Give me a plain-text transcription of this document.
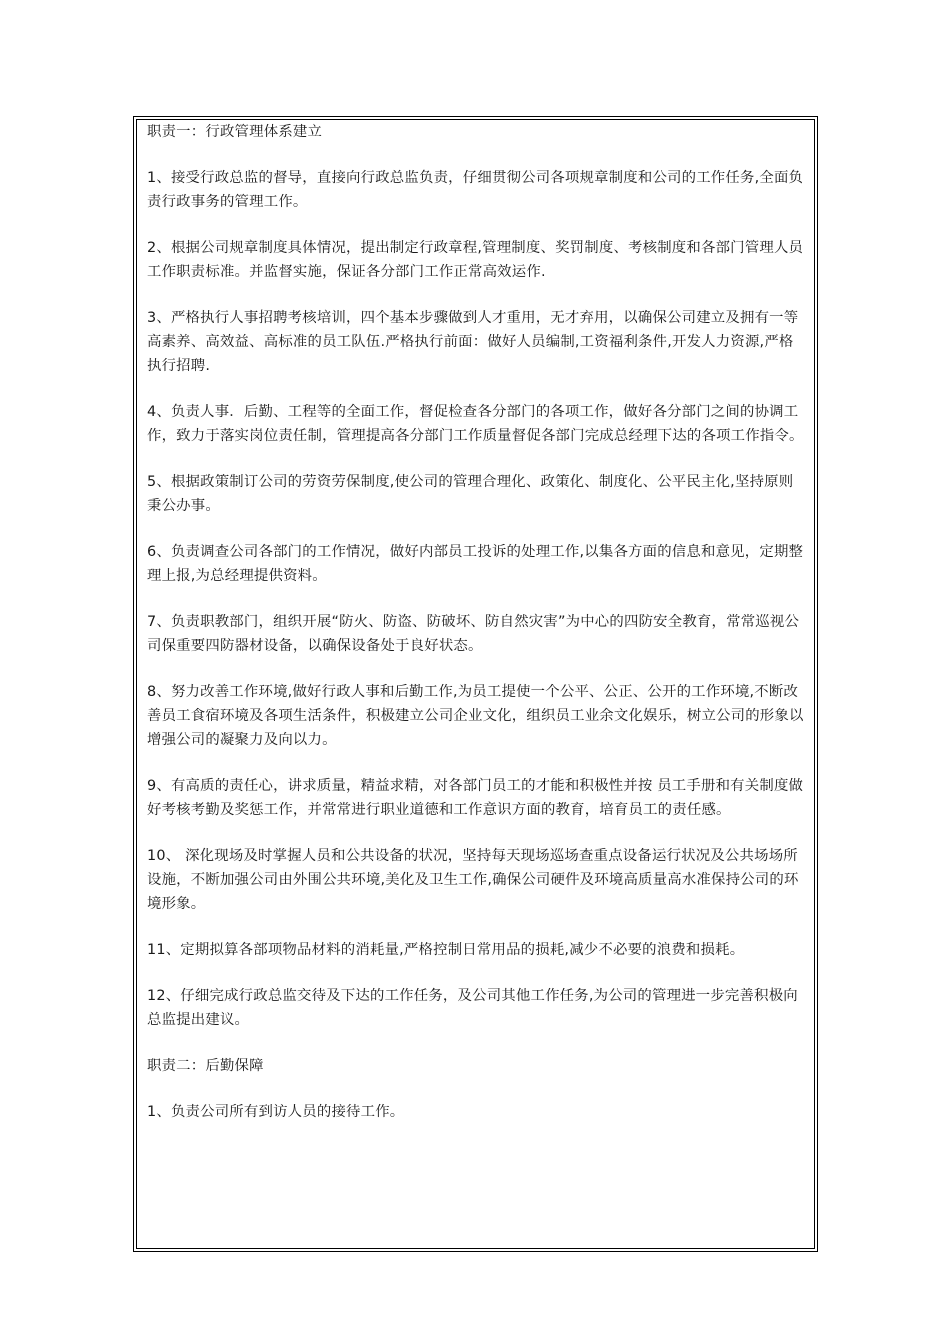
职责一：行政管理体系建立

1、接受行政总监的督导，直接向行政总监负责，仔细贯彻公司各项规章制度和公司的工作任务,全面负责行政事务的管理工作。

2、根据公司规章制度具体情况，提出制定行政章程,管理制度、奖罚制度、考核制度和各部门管理人员工作职责标准。并监督实施，保证各分部门工作正常高效运作.

3、严格执行人事招聘考核培训，四个基本步骤做到人才重用，无才弃用，以确保公司建立及拥有一等高素养、高效益、高标准的员工队伍.严格执行前面：做好人员编制,工资福利条件,开发人力资源,严格执行招聘.

4、负责人事．后勤、工程等的全面工作，督促检查各分部门的各项工作，做好各分部门之间的协调工作，致力于落实岗位责任制，管理提高各分部门工作质量督促各部门完成总经理下达的各项工作指令。

5、根据政策制订公司的劳资劳保制度,使公司的管理合理化、政策化、制度化、公平民主化,坚持原则秉公办事。

6、负责调查公司各部门的工作情况，做好内部员工投诉的处理工作,以集各方面的信息和意见，定期整理上报,为总经理提供资料。

7、负责职教部门，组织开展“防火、防盗、防破坏、防自然灾害”为中心的四防安全教育，常常巡视公司保重要四防器材设备，以确保设备处于良好状态。

8、努力改善工作环境,做好行政人事和后勤工作,为员工提使一个公平、公正、公开的工作环境,不断改善员工食宿环境及各项生活条件，积极建立公司企业文化，组织员工业余文化娱乐，树立公司的形象以增强公司的凝聚力及向以力。

9、有高质的责任心，讲求质量，精益求精，对各部门员工的才能和积极性并按 员工手册和有关制度做好考核考勤及奖惩工作，并常常进行职业道德和工作意识方面的教育，培育员工的责任感。

10、 深化现场及时掌握人员和公共设备的状况，坚持每天现场巡场查重点设备运行状况及公共场场所设施，不断加强公司由外围公共环境,美化及卫生工作,确保公司硬件及环境高质量高水准保持公司的环境形象。

11、定期拟算各部项物品材料的消耗量,严格控制日常用品的损耗,减少不必要的浪费和损耗。

12、仔细完成行政总监交待及下达的工作任务，及公司其他工作任务,为公司的管理进一步完善积极向总监提出建议。

职责二：后勤保障

1、负责公司所有到访人员的接待工作。
